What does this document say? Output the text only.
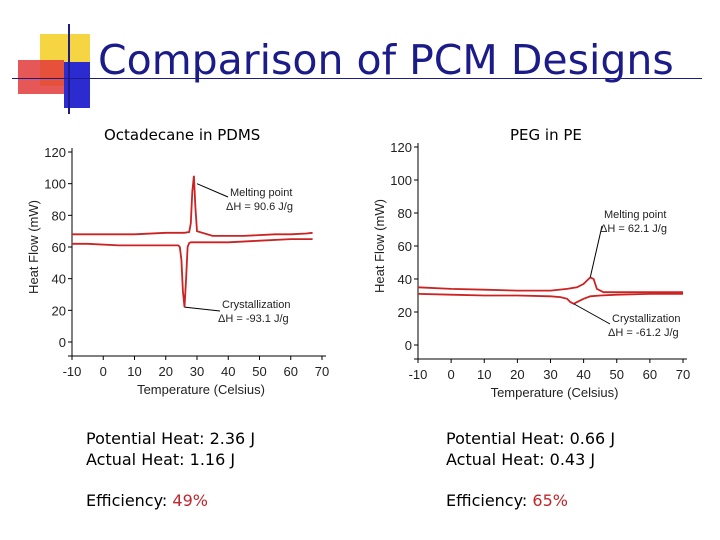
Comparison of PCM Designs
Octadecane in PDMS	PEG in PE
0
20
40
60
80
100
120
-10 0 10 20 30 40 50 60 70
Temperature (Celsius)
Heat Flow (mW)
Melting point
ΔH = 90.6 J/g
Crystallization
ΔH = -93.1 J/g
0
20
40
60
80
100
120
-10 0 10 20 30 40 50 60 70
Temperature (Celsius)
Heat Flow (mW)	Melting point
ΔH = 62.1 J/g
Crystallization
ΔH = -61.2 J/g
Potential Heat: 2.36 J
Actual Heat: 1.16 J
Efficiency: 49%
Potential Heat: 0.66 J
Actual Heat: 0.43 J
Efficiency: 65%
